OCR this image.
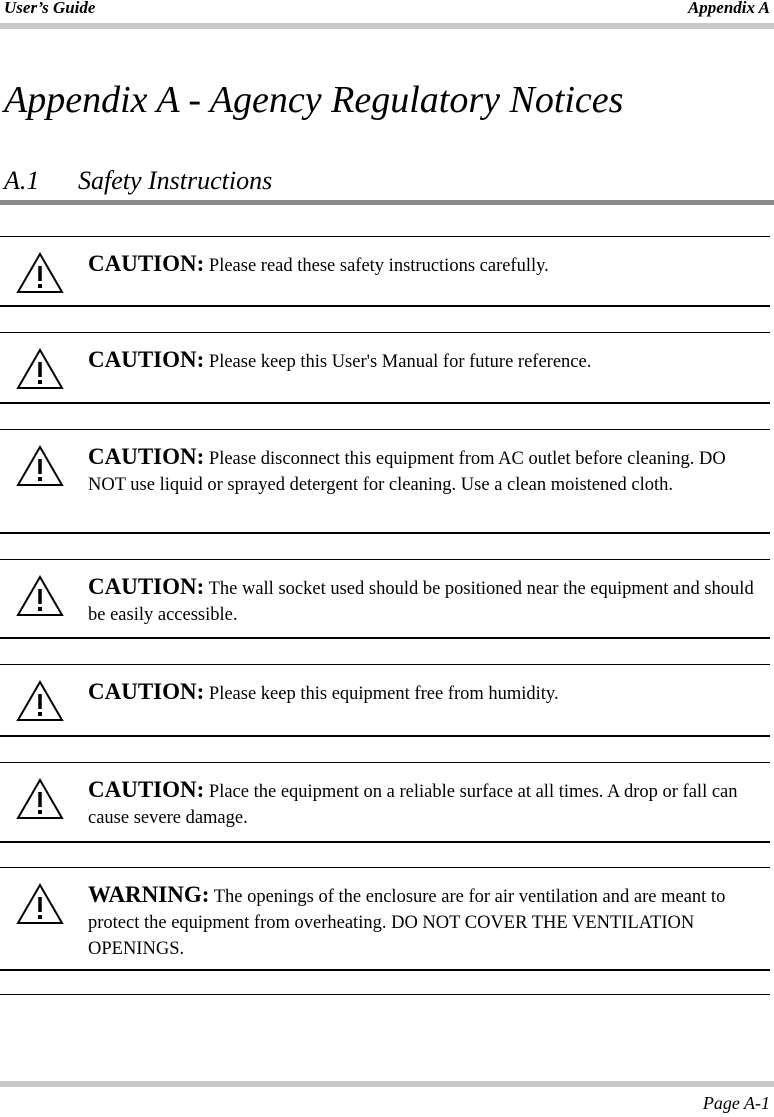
User’s Guide	Appendix A
Appendix A - Agency Regulatory Notices
A.1 Safety Instructions
CAUTION: Please read these safety instructions carefully.
CAUTION: Please keep this User's Manual for future reference.
CAUTION: Please disconnect this equipment from AC outlet before cleaning. DO NOT use liquid or sprayed detergent for cleaning. Use a clean moistened cloth.
CAUTION: The wall socket used should be positioned near the equipment and should be easily accessible.
CAUTION: Please keep this equipment free from humidity.
CAUTION: Place the equipment on a reliable surface at all times. A drop or fall can cause severe damage.
WARNING: The openings of the enclosure are for air ventilation and are meant to protect the equipment from overheating. DO NOT COVER THE VENTILATION OPENINGS.
Page A-1
